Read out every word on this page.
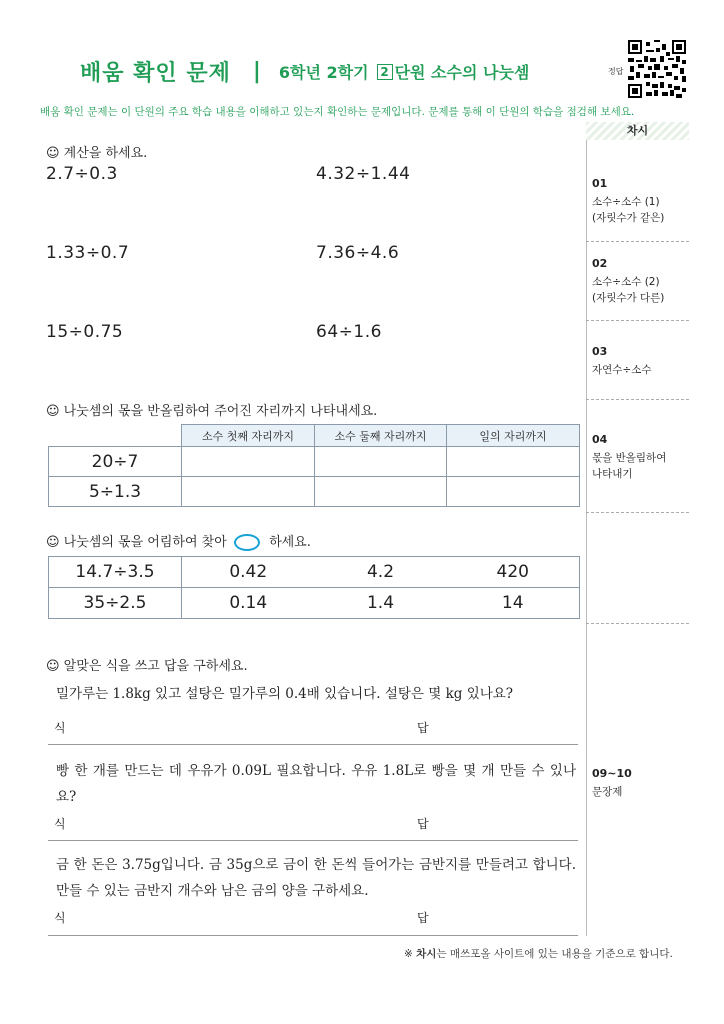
배움 확인 문제 | 6학년 2학기 2 단원 소수의 나눗셈	정답
배움 확인 문제는 이 단원의 주요 학습 내용을 이해하고 있는지 확인하는 문제입니다. 문제를 통해 이 단원의 학습을 점검해 보세요.
차시
01
소수÷소수 (1)
(자릿수가 같은)
02
소수÷소수 (2)
(자릿수가 다른)
03
자연수÷소수
04
몫을 반올림하여
나타내기
09~10
문장제
☺ 계산을 하세요.
2.7÷0.3	4.32÷1.44
1.33÷0.7	7.36÷4.6
15÷0.75	64÷1.6
☺ 나눗셈의 몫을 반올림하여 주어진 자리까지 나타내세요.
	소수 첫째 자리까지	소수 둘째 자리까지	일의 자리까지
20÷7			
5÷1.3			
☺ 나눗셈의 몫을 어림하여 찾아 ○ 하세요.
14.7÷3.5	0.42	4.2	420
35÷2.5	0.14	1.4	14
☺ 알맞은 식을 쓰고 답을 구하세요.
밀가루는 1.8kg 있고 설탕은 밀가루의 0.4배 있습니다. 설탕은 몇 kg 있나요?
식	답
빵 한 개를 만드는 데 우유가 0.09L 필요합니다. 우유 1.8L로 빵을 몇 개 만들 수 있나요?
식	답
금 한 돈은 3.75g입니다. 금 35g으로 금이 한 돈씩 들어가는 금반지를 만들려고 합니다. 만들 수 있는 금반지 개수와 남은 금의 양을 구하세요.
식	답
※ 차시는 매쓰포올 사이트에 있는 내용을 기준으로 합니다.
